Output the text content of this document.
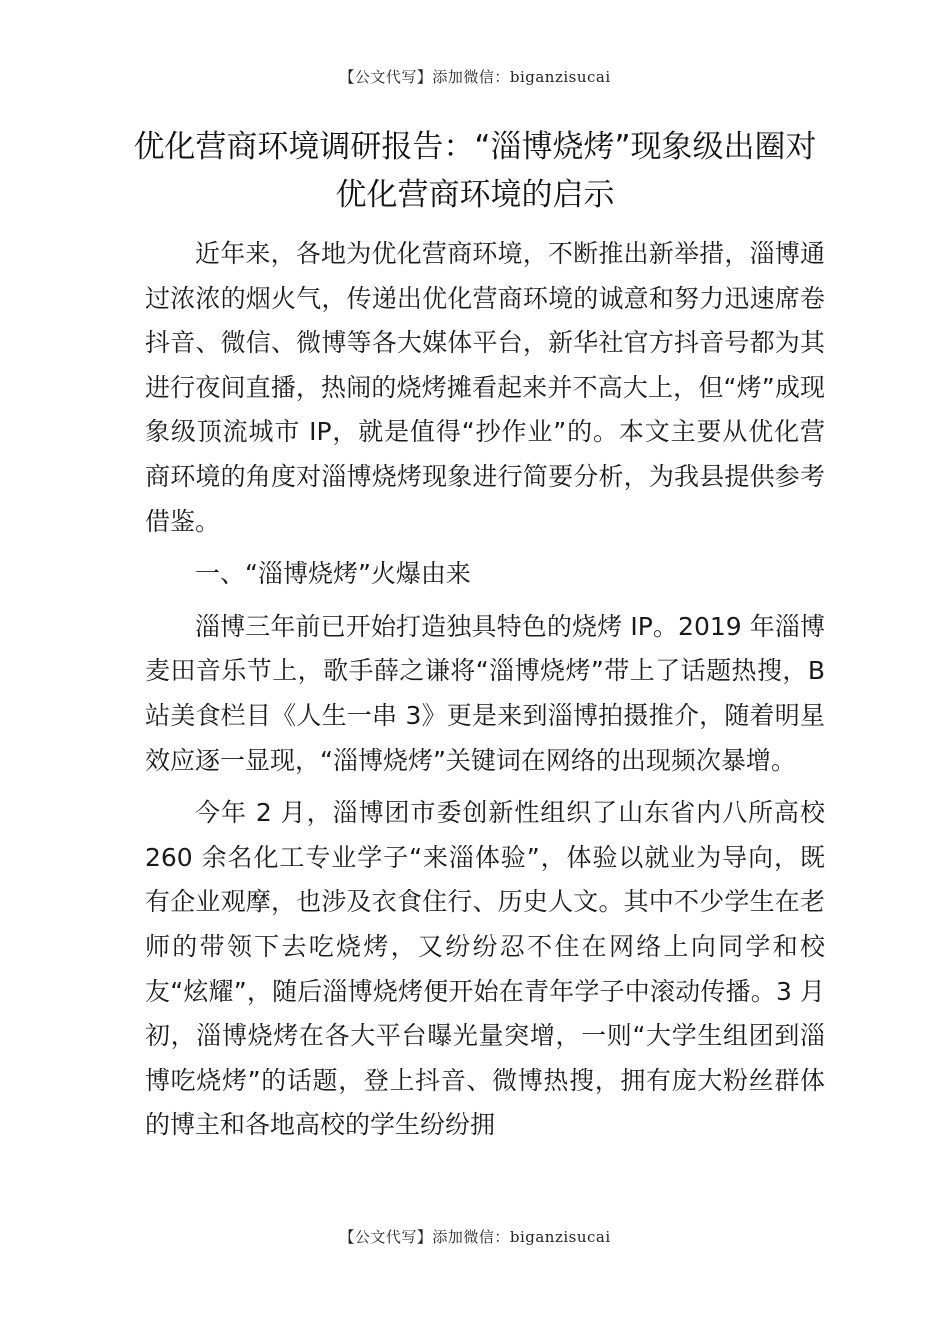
【公文代写】添加微信：biganzisucai
优化营商环境调研报告：“淄博烧烤”现象级出圈对优化营商环境的启示

近年来，各地为优化营商环境，不断推出新举措，淄博通过浓浓的烟火气，传递出优化营商环境的诚意和努力迅速席卷抖音、微信、微博等各大媒体平台，新华社官方抖音号都为其进行夜间直播，热闹的烧烤摊看起来并不高大上，但“烤”成现象级顶流城市 IP，就是值得“抄作业”的。本文主要从优化营商环境的角度对淄博烧烤现象进行简要分析，为我县提供参考借鉴。

一、“淄博烧烤”火爆由来

淄博三年前已开始打造独具特色的烧烤 IP。2019 年淄博麦田音乐节上，歌手薛之谦将“淄博烧烤”带上了话题热搜，B 站美食栏目《人生一串 3》更是来到淄博拍摄推介，随着明星效应逐一显现，“淄博烧烤”关键词在网络的出现频次暴增。

今年 2 月，淄博团市委创新性组织了山东省内八所高校 260 余名化工专业学子“来淄体验”，体验以就业为导向，既有企业观摩，也涉及衣食住行、历史人文。其中不少学生在老师的带领下去吃烧烤，又纷纷忍不住在网络上向同学和校友“炫耀”，随后淄博烧烤便开始在青年学子中滚动传播。3 月初，淄博烧烤在各大平台曝光量突增，一则“大学生组团到淄博吃烧烤”的话题，登上抖音、微博热搜，拥有庞大粉丝群体的博主和各地高校的学生纷纷拥

【公文代写】添加微信：biganzisucai
